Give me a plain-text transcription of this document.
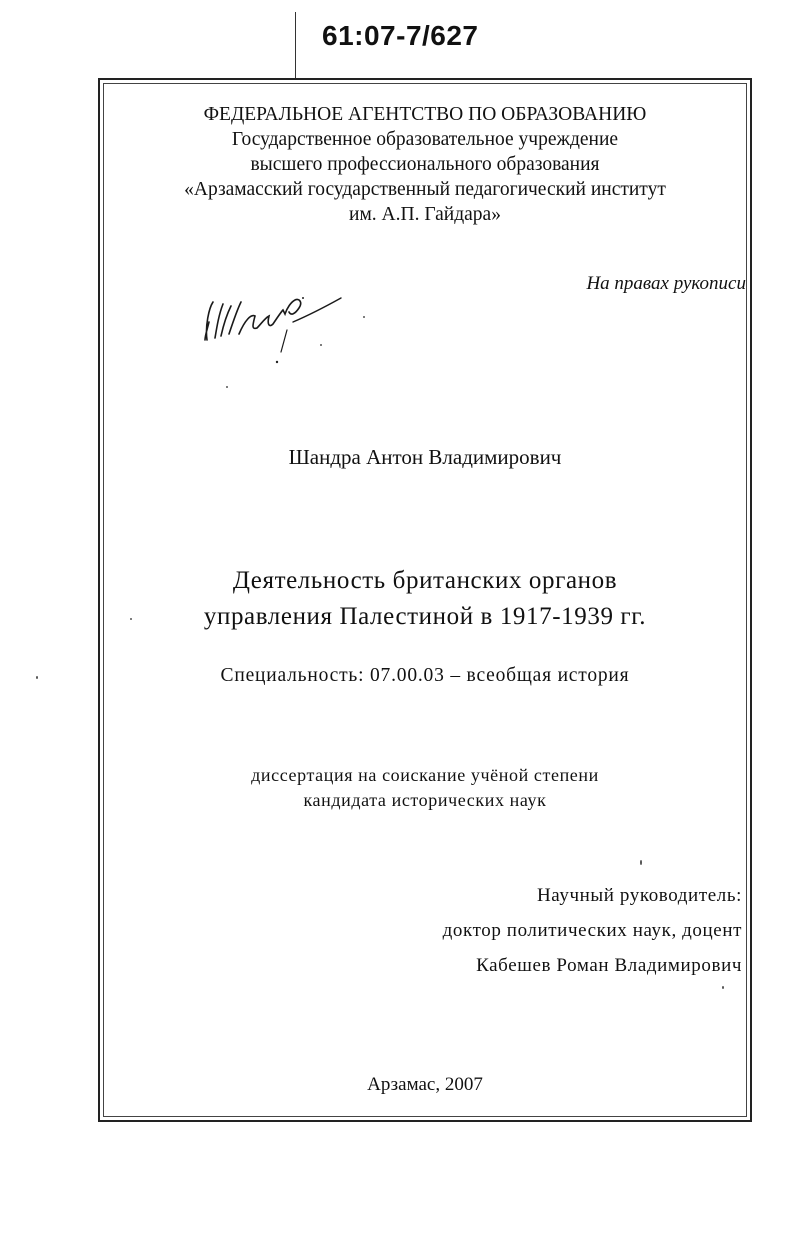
61:07-7/627
ФЕДЕРАЛЬНОЕ АГЕНТСТВО ПО ОБРАЗОВАНИЮ
Государственное образовательное учреждение
высшего профессионального образования
«Арзамасский государственный педагогический институт
им. А.П. Гайдара»
На правах рукописи
Шандра Антон Владимирович
Деятельность британских органов
управления Палестиной в 1917-1939 гг.
Специальность: 07.00.03 – всеобщая история
диссертация на соискание учёной степени
кандидата исторических наук
Научный руководитель:
доктор политических наук, доцент
Кабешев Роман Владимирович
Арзамас, 2007
